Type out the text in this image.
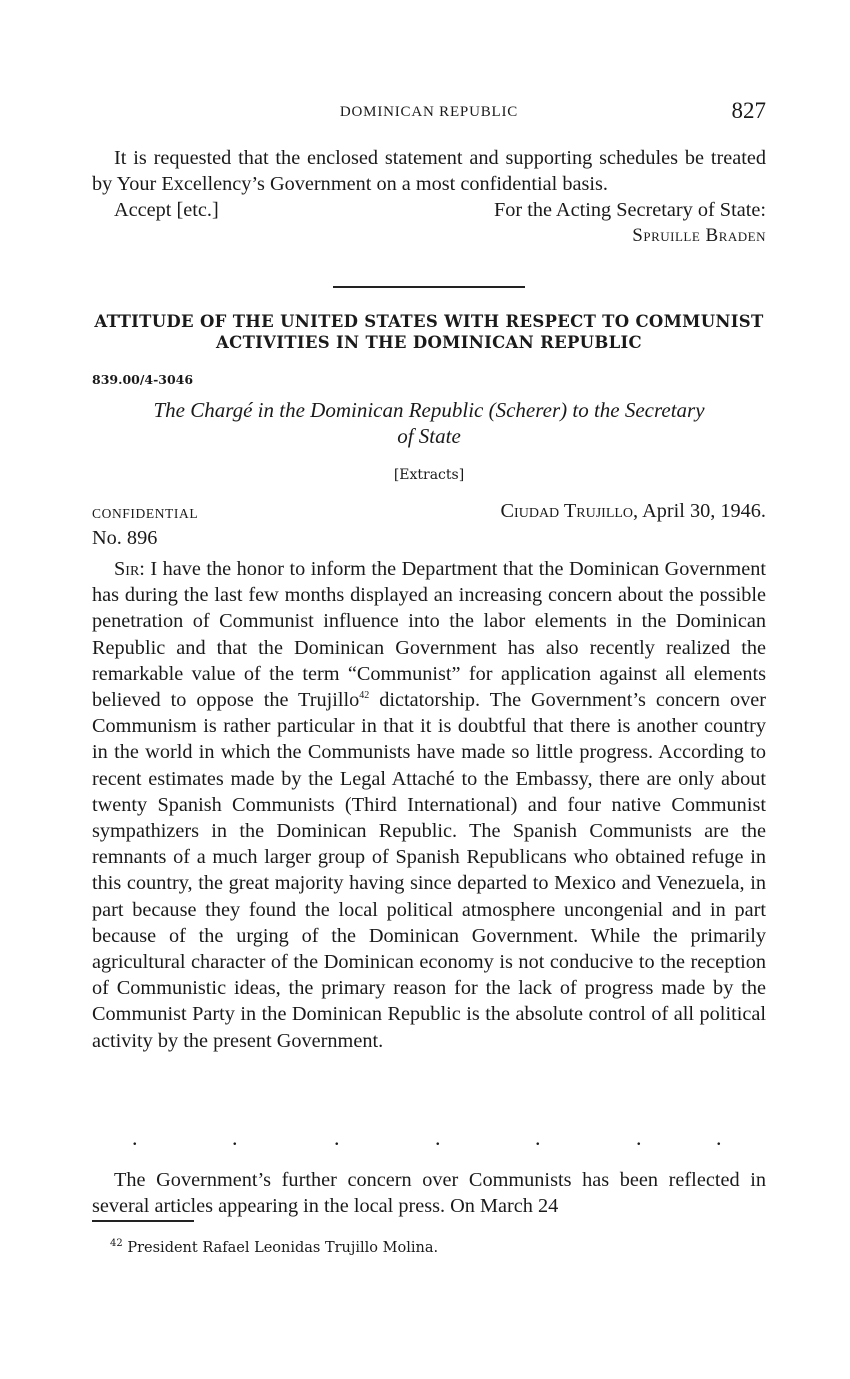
DOMINICAN REPUBLIC	827

It is requested that the enclosed statement and supporting schedules be treated by Your Excellency’s Government on a most confidential basis.

Accept [etc.]	For the Acting Secretary of State:
Spruille Braden
ATTITUDE OF THE UNITED STATES WITH RESPECT TO COMMUNIST
ACTIVITIES IN THE DOMINICAN REPUBLIC
839.00/4-3046
The Chargé in the Dominican Republic (Scherer) to the Secretary
of State
[Extracts]
CONFIDENTIAL	Ciudad Trujillo, April 30, 1946.
No. 896

Sir: I have the honor to inform the Department that the Dominican Government has during the last few months displayed an increasing concern about the possible penetration of Communist influence into the labor elements in the Dominican Republic and that the Dominican Government has also recently realized the remarkable value of the term “Communist” for application against all elements believed to oppose the Trujillo$^{42}$ dictatorship. The Government’s concern over Communism is rather particular in that it is doubtful that there is another country in the world in which the Communists have made so little progress. According to recent estimates made by the Legal Attaché to the Embassy, there are only about twenty Spanish Communists (Third International) and four native Communist sympathizers in the Dominican Republic. The Spanish Communists are the remnants of a much larger group of Spanish Republicans who obtained refuge in this country, the great majority having since departed to Mexico and Venezuela, in part because they found the local political atmosphere uncongenial and in part because of the urging of the Dominican Government. While the primarily agricultural character of the Dominican economy is not conducive to the reception of Communistic ideas, the primary reason for the lack of progress made by the Communist Party in the Dominican Republic is the absolute control of all political activity by the present Government.

.	.	.	.	.	.	.

The Government’s further concern over Communists has been reflected in several articles appearing in the local press. On March 24

$^{42}$ President Rafael Leonidas Trujillo Molina.
